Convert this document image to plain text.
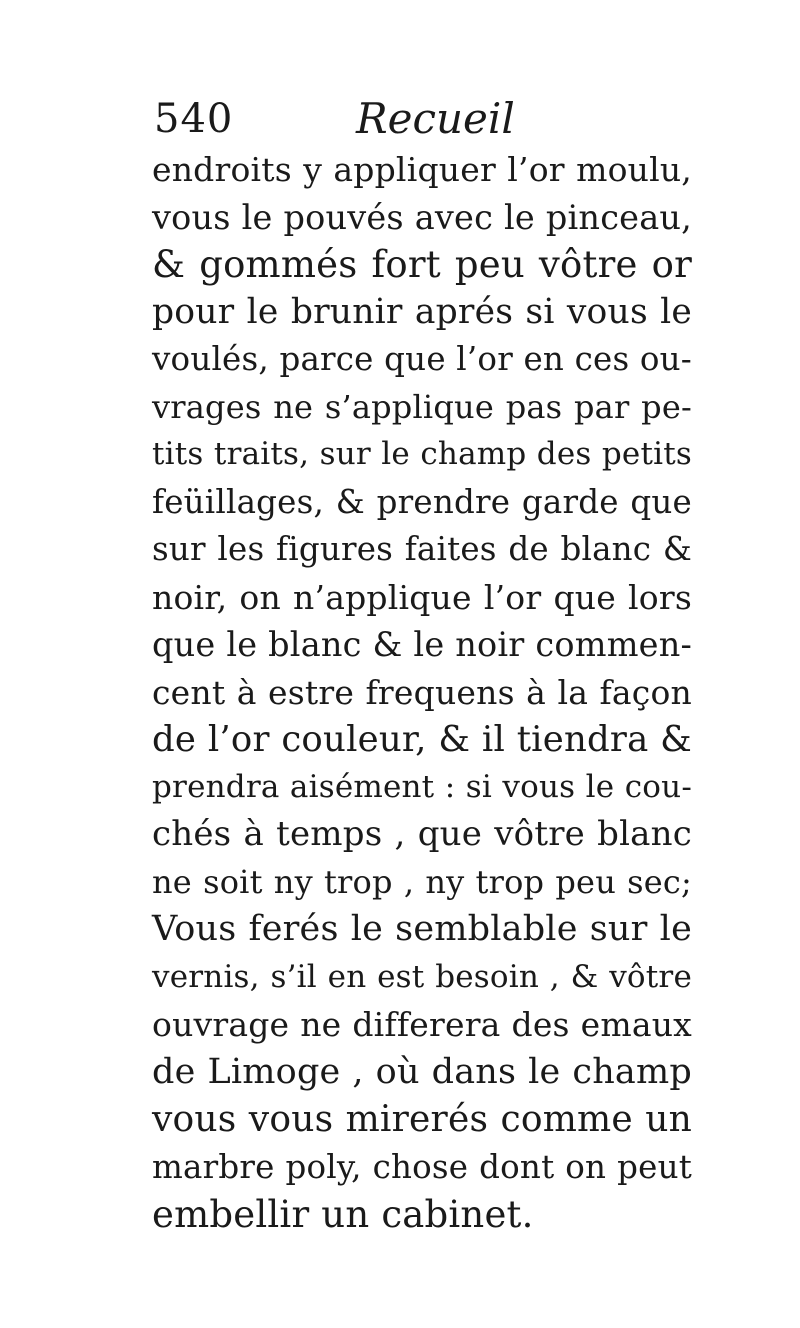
540	Recueil
endroits y appliquer l’or moulu,
vous le pouvés avec le pinceau,
& gommés fort peu vôtre or
pour le brunir aprés si vous le
voulés, parce que l’or en ces ou-
vrages ne s’applique pas par pe-
tits traits, sur le champ des petits
feüillages, & prendre garde que
sur les figures faites de blanc &
noir, on n’applique l’or que lors
que le blanc & le noir commen-
cent à estre frequens à la façon
de l’or couleur, & il tiendra &
prendra aisément : si vous le cou-
chés à temps , que vôtre blanc
ne soit ny trop , ny trop peu sec;
Vous ferés le semblable sur le
vernis, s’il en est besoin , & vôtre
ouvrage ne differera des emaux
de Limoge , où dans le champ
vous vous mirerés comme un
marbre poly, chose dont on peut
embellir un cabinet.
